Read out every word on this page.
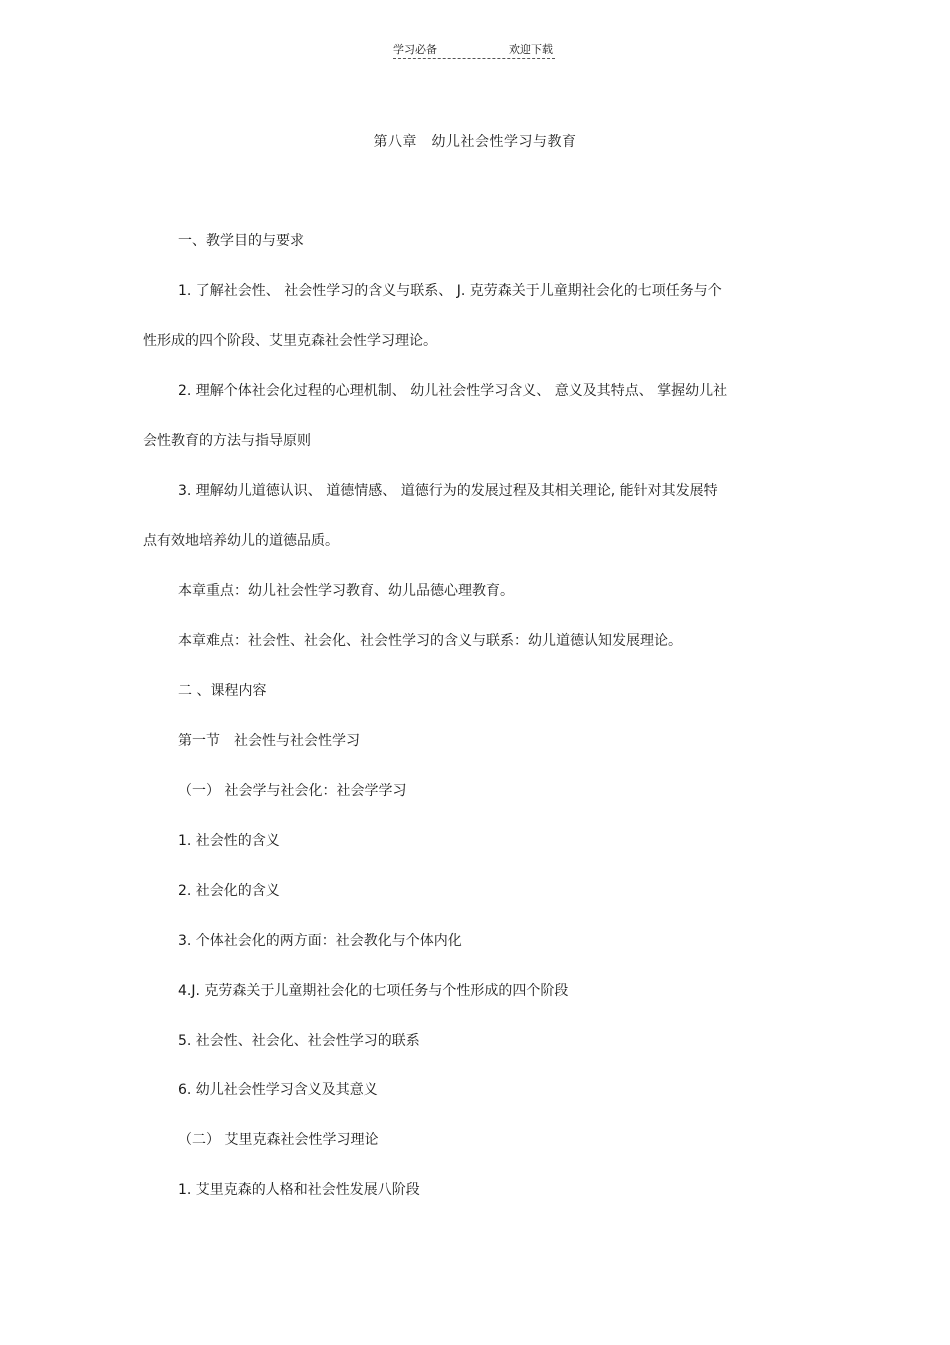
学习必备	欢迎下载
第八章　幼儿社会性学习与教育
一、教学目的与要求
1. 了解社会性、 社会性学习的含义与联系、 J. 克劳森关于儿童期社会化的七项任务与个
性形成的四个阶段、艾里克森社会性学习理论。
2. 理解个体社会化过程的心理机制、 幼儿社会性学习含义、 意义及其特点、 掌握幼儿社
会性教育的方法与指导原则
3. 理解幼儿道德认识、 道德情感、 道德行为的发展过程及其相关理论, 能针对其发展特
点有效地培养幼儿的道德品质。
本章重点：幼儿社会性学习教育、幼儿品德心理教育。
本章难点：社会性、社会化、社会性学习的含义与联系：幼儿道德认知发展理论。
二 、课程内容
第一节　社会性与社会性学习
（一） 社会学与社会化：社会学学习
1. 社会性的含义
2. 社会化的含义
3. 个体社会化的两方面：社会教化与个体内化
4.J. 克劳森关于儿童期社会化的七项任务与个性形成的四个阶段
5. 社会性、社会化、社会性学习的联系
6. 幼儿社会性学习含义及其意义
（二） 艾里克森社会性学习理论
1. 艾里克森的人格和社会性发展八阶段
